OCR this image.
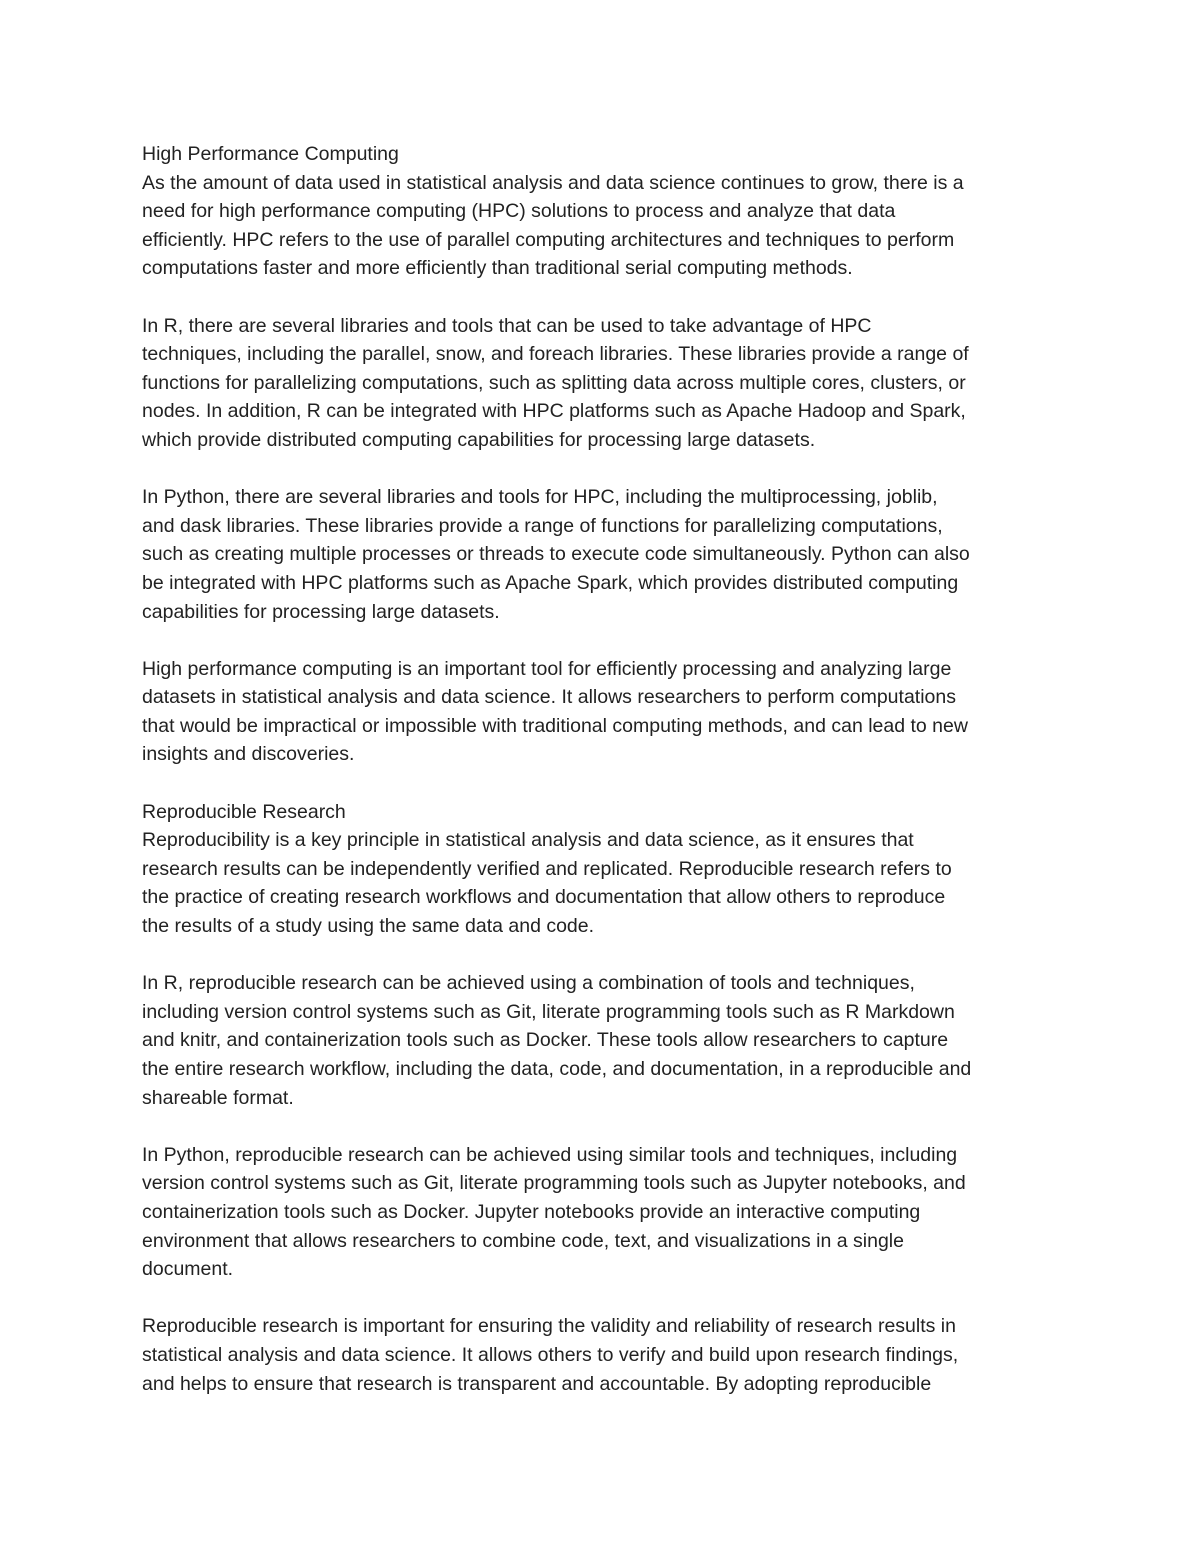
High Performance Computing
As the amount of data used in statistical analysis and data science continues to grow, there is a
need for high performance computing (HPC) solutions to process and analyze that data
efficiently. HPC refers to the use of parallel computing architectures and techniques to perform
computations faster and more efficiently than traditional serial computing methods.
In R, there are several libraries and tools that can be used to take advantage of HPC
techniques, including the parallel, snow, and foreach libraries. These libraries provide a range of
functions for parallelizing computations, such as splitting data across multiple cores, clusters, or
nodes. In addition, R can be integrated with HPC platforms such as Apache Hadoop and Spark,
which provide distributed computing capabilities for processing large datasets.
In Python, there are several libraries and tools for HPC, including the multiprocessing, joblib,
and dask libraries. These libraries provide a range of functions for parallelizing computations,
such as creating multiple processes or threads to execute code simultaneously. Python can also
be integrated with HPC platforms such as Apache Spark, which provides distributed computing
capabilities for processing large datasets.
High performance computing is an important tool for efficiently processing and analyzing large
datasets in statistical analysis and data science. It allows researchers to perform computations
that would be impractical or impossible with traditional computing methods, and can lead to new
insights and discoveries.
Reproducible Research
Reproducibility is a key principle in statistical analysis and data science, as it ensures that
research results can be independently verified and replicated. Reproducible research refers to
the practice of creating research workflows and documentation that allow others to reproduce
the results of a study using the same data and code.
In R, reproducible research can be achieved using a combination of tools and techniques,
including version control systems such as Git, literate programming tools such as R Markdown
and knitr, and containerization tools such as Docker. These tools allow researchers to capture
the entire research workflow, including the data, code, and documentation, in a reproducible and
shareable format.
In Python, reproducible research can be achieved using similar tools and techniques, including
version control systems such as Git, literate programming tools such as Jupyter notebooks, and
containerization tools such as Docker. Jupyter notebooks provide an interactive computing
environment that allows researchers to combine code, text, and visualizations in a single
document.
Reproducible research is important for ensuring the validity and reliability of research results in
statistical analysis and data science. It allows others to verify and build upon research findings,
and helps to ensure that research is transparent and accountable. By adopting reproducible
